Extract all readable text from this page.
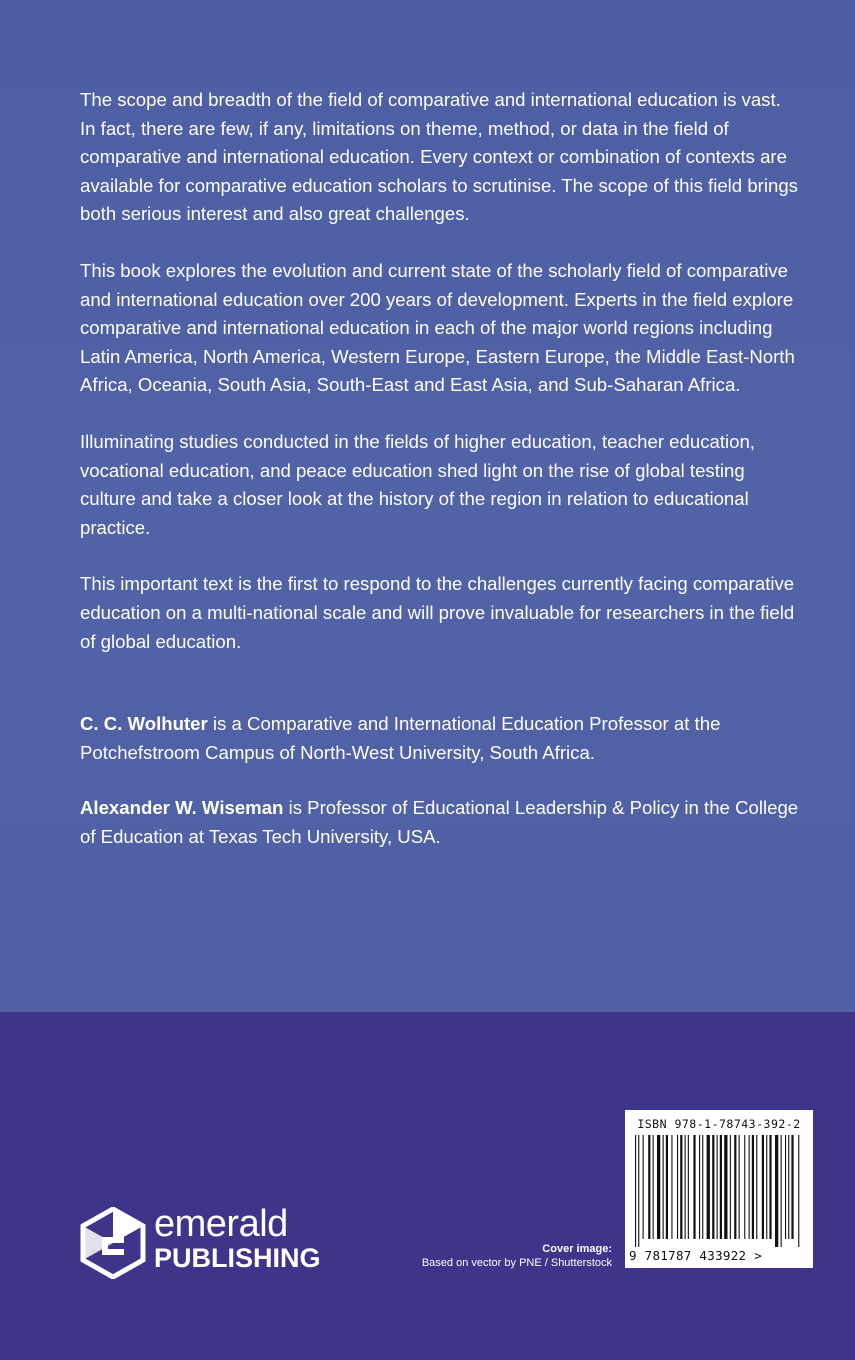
The scope and breadth of the field of comparative and international education is vast. In fact, there are few, if any, limitations on theme, method, or data in the field of comparative and international education. Every context or combination of contexts are available for comparative education scholars to scrutinise. The scope of this field brings both serious interest and also great challenges.

This book explores the evolution and current state of the scholarly field of comparative and international education over 200 years of development. Experts in the field explore comparative and international education in each of the major world regions including Latin America, North America, Western Europe, Eastern Europe, the Middle East-North Africa, Oceania, South Asia, South-East and East Asia, and Sub-Saharan Africa.

Illuminating studies conducted in the fields of higher education, teacher education, vocational education, and peace education shed light on the rise of global testing culture and take a closer look at the history of the region in relation to educational practice.

This important text is the first to respond to the challenges currently facing comparative education on a multi-national scale and will prove invaluable for researchers in the field of global education.

C. C. Wolhuter is a Comparative and International Education Professor at the Potchefstroom Campus of North-West University, South Africa.

Alexander W. Wiseman is Professor of Educational Leadership & Policy in the College of Education at Texas Tech University, USA.

emerald
PUBLISHING	Cover image:
Based on vector by PNE / Shutterstock
ISBN 978-1-78743-392-2
9 781787 433922 >
